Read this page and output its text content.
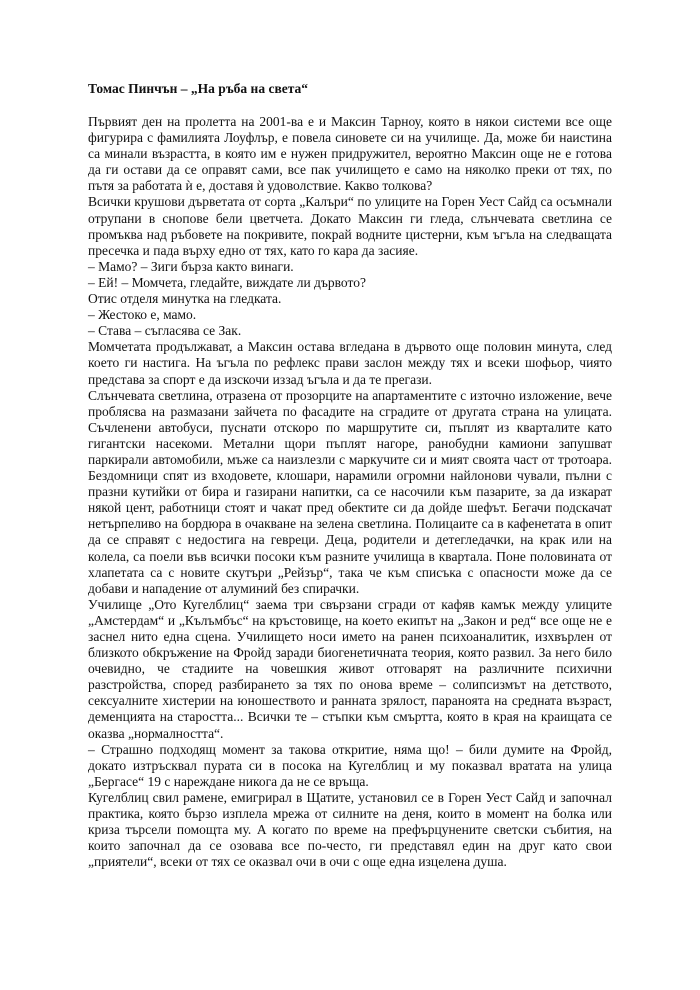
Томас Пинчън – „На ръба на света“

Първият ден на пролетта на 2001-ва е и Максин Тарноу, която в някои системи все още фигурира с фамилията Лоуфлър, е повела синовете си на училище. Да, може би наистина са минали възрастта, в която им е нужен придружител, вероятно Максин още не е готова да ги остави да се оправят сами, все пак училището е само на няколко преки от тях, по пътя за работата ѝ е, доставя ѝ удоволствие. Какво толкова?

Всички крушови дърветата от сорта „Калъри“ по улиците на Горен Уест Сайд са осъмнали отрупани в снопове бели цветчета. Докато Максин ги гледа, слънчевата светлина се промъква над ръбовете на покривите, покрай водните цистерни, към ъгъла на следващата пресечка и пада върху едно от тях, като го кара да засияе.

– Мамо? – Зиги бърза както винаги.

– Ей! – Момчета, гледайте, виждате ли дървото?

Отис отделя минутка на гледката.

– Жестоко е, мамо.

– Става – съгласява се Зак.

Момчетата продължават, а Максин остава вгледана в дървото още половин минута, след което ги настига. На ъгъла по рефлекс прави заслон между тях и всеки шофьор, чиято представа за спорт е да изскочи иззад ъгъла и да те прегази.

Слънчевата светлина, отразена от прозорците на апартаментите с източно изложение, вече проблясва на размазани зайчета по фасадите на сградите от другата страна на улицата. Съчленени автобуси, пуснати отскоро по маршрутите си, пъплят из кварталите като гигантски насекоми. Метални щори пъплят нагоре, ранобудни камиони запушват паркирали автомобили, мъже са наизлезли с маркучите си и мият своята част от тротоара. Бездомници спят из входовете, клошари, нарамили огромни найлонови чували, пълни с празни кутийки от бира и газирани напитки, са се насочили към пазарите, за да изкарат някой цент, работници стоят и чакат пред обектите си да дойде шефът. Бегачи подскачат нетърпеливо на бордюра в очакване на зелена светлина. Полицаите са в кафенетата в опит да се справят с недостига на гевреци. Деца, родители и детегледачки, на крак или на колела, са поели във всички посоки към разните училища в квартала. Поне половината от хлапетата са с новите скутъри „Рейзър“, така че към списъка с опасности може да се добави и нападение от алуминий без спирачки.

Училище „Ото Кугелблиц“ заема три свързани сгради от кафяв камък между улиците „Амстердам“ и „Кълъмбъс“ на кръстовище, на което екипът на „Закон и ред“ все още не е заснел нито една сцена. Училището носи името на ранен психоаналитик, изхвърлен от близкото обкръжение на Фройд заради биогенетичната теория, която развил. За него било очевидно, че стадиите на човешкия живот отговарят на различните психични разстройства, според разбирането за тях по онова време – солипсизмът на детството, сексуалните хистерии на юношеството и ранната зрялост, параноята на средната възраст, деменцията на старостта... Всички те – стъпки към смъртта, която в края на краищата се оказва „нормалността“.

– Страшно подходящ момент за такова откритие, няма що! – били думите на Фройд, докато изтръсквал пурата си в посока на Кугелблиц и му показвал вратата на улица „Бергасе“ 19 с нареждане никога да не се връща.

Кугелблиц свил рамене, емигрирал в Щатите, установил се в Горен Уест Сайд и започнал практика, която бързо изплела мрежа от силните на деня, които в момент на болка или криза търсели помощта му. А когато по време на префърцунените светски събития, на които започнал да се озовава все по-често, ги представял един на друг като свои „приятели“, всеки от тях се оказвал очи в очи с още една изцелена душа.
